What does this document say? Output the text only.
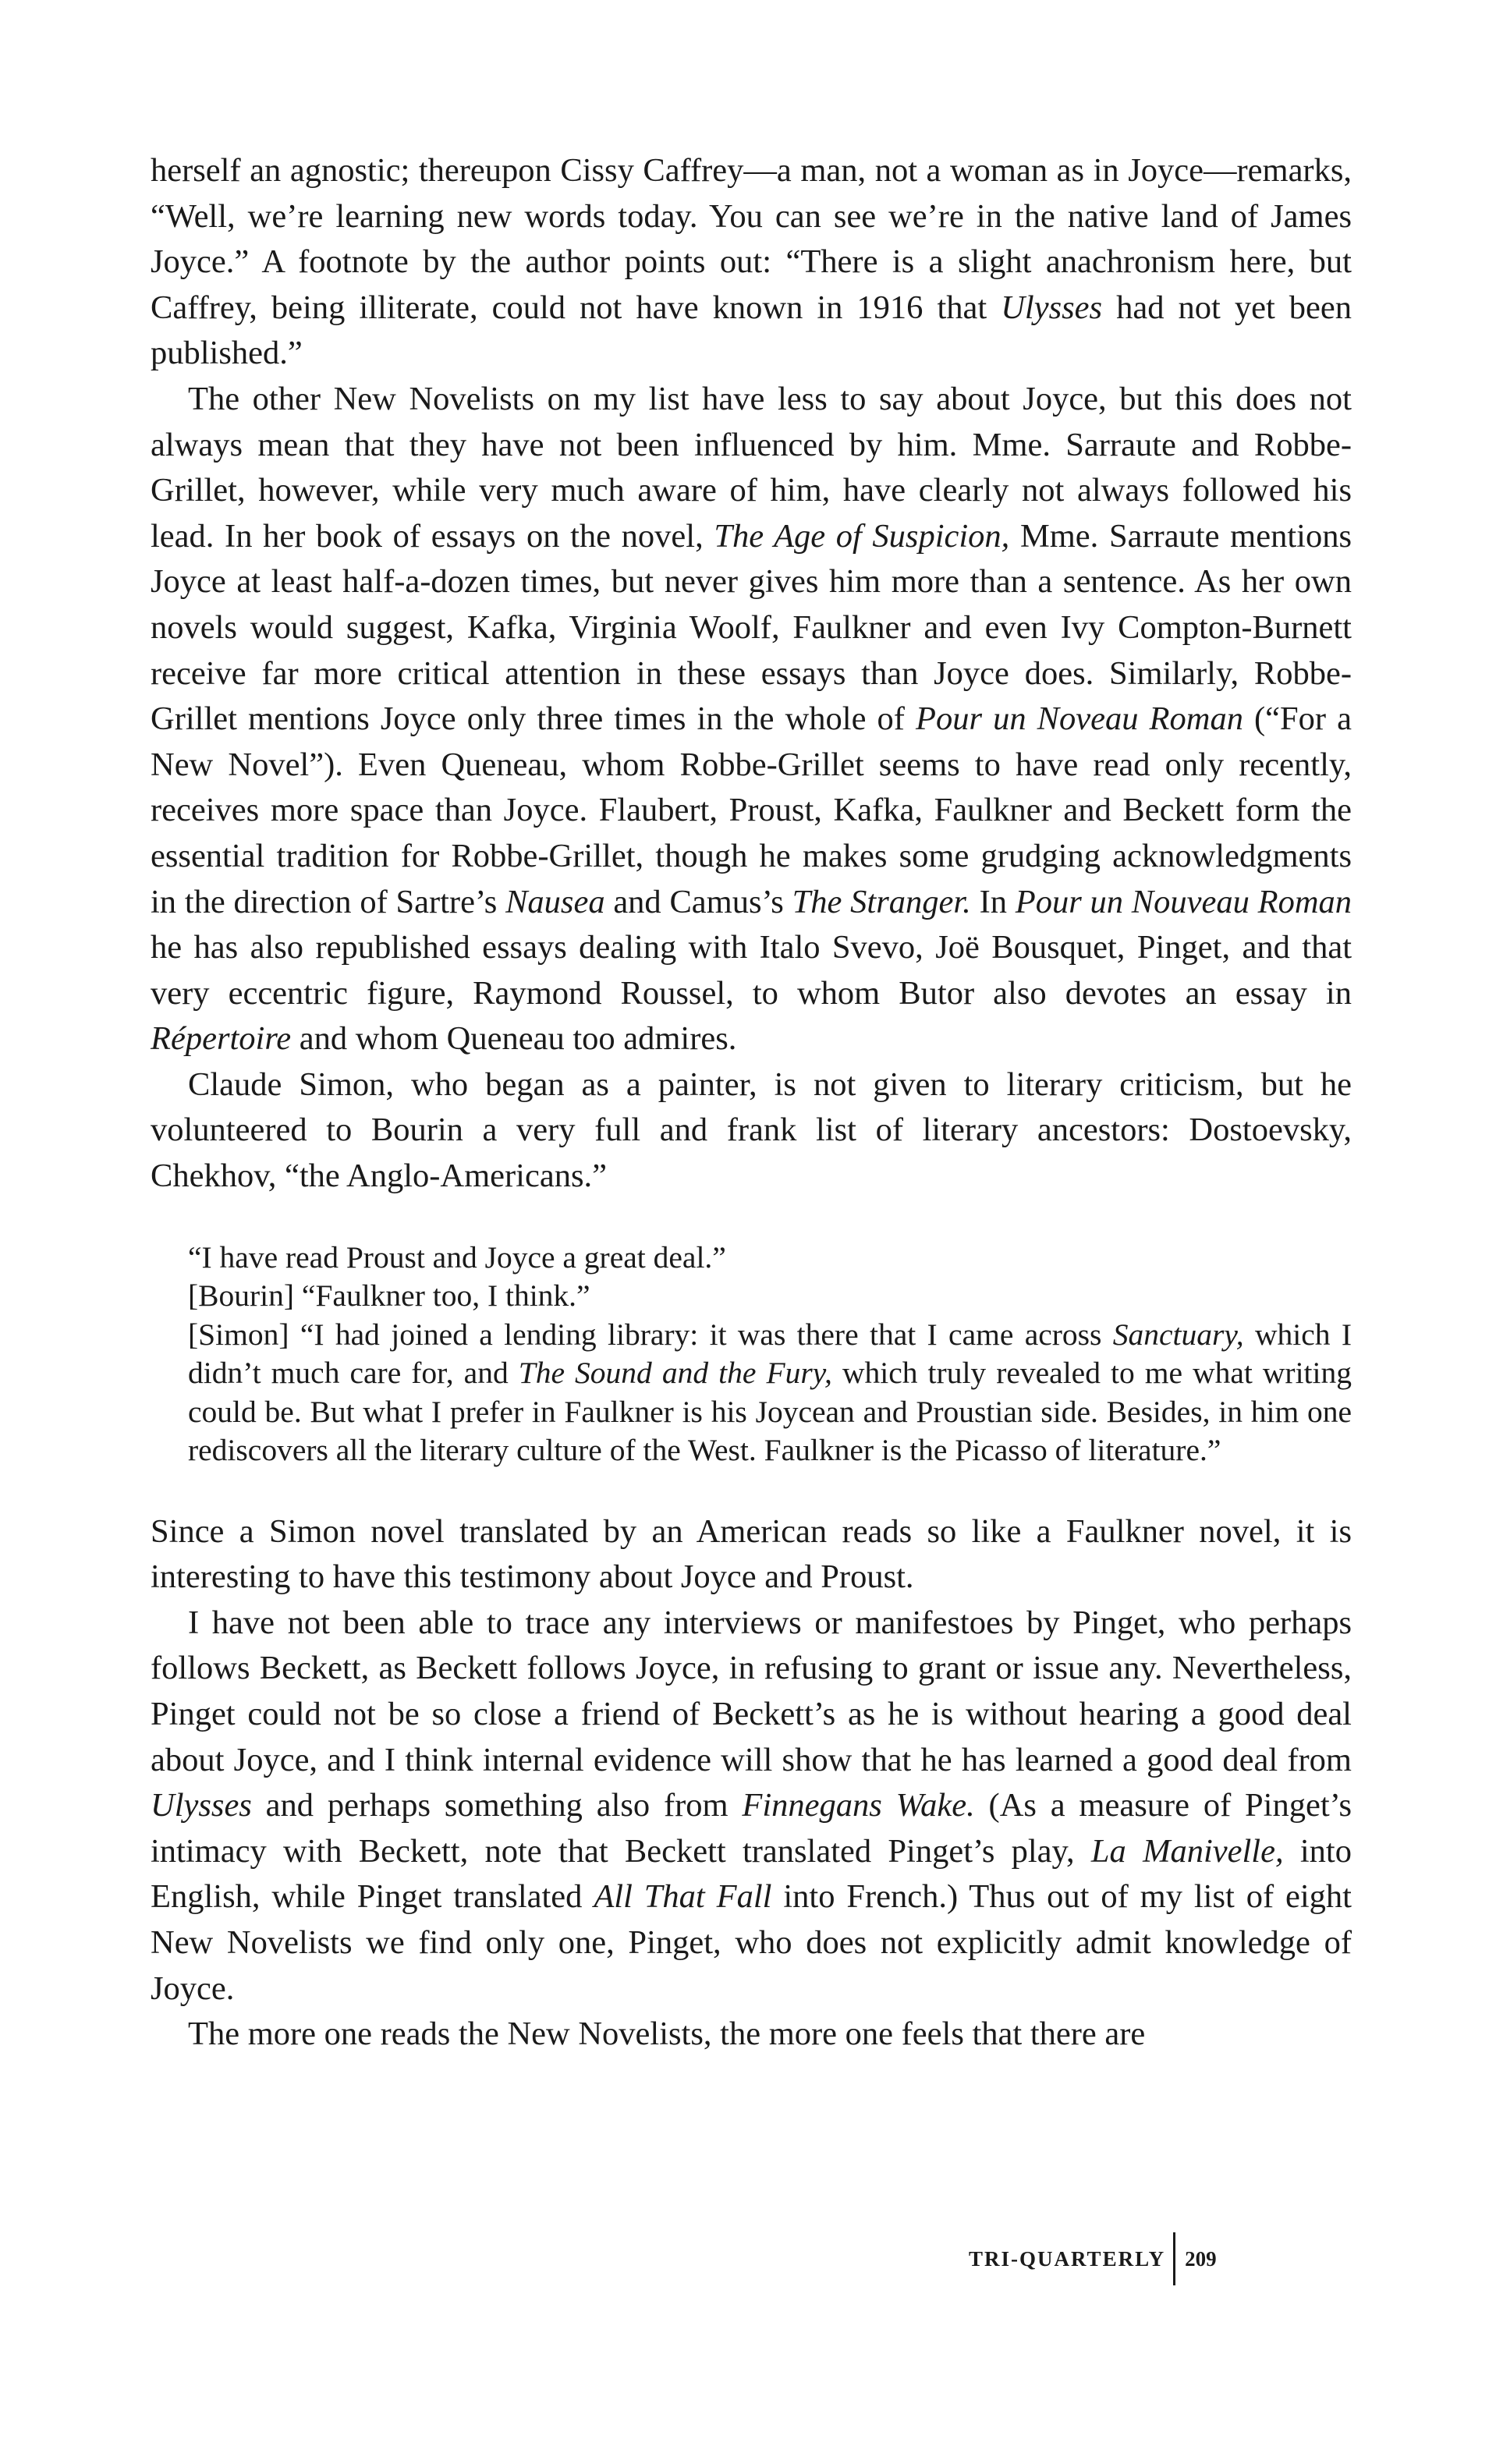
herself an agnostic; thereupon Cissy Caffrey—a man, not a woman as in Joyce—remarks, “Well, we’re learning new words today. You can see we’re in the native land of James Joyce.” A footnote by the author points out: “There is a slight anachronism here, but Caffrey, being illiterate, could not have known in 1916 that Ulysses had not yet been published.”

The other New Novelists on my list have less to say about Joyce, but this does not always mean that they have not been influenced by him. Mme. Sarraute and Robbe-Grillet, however, while very much aware of him, have clearly not always followed his lead. In her book of essays on the novel, The Age of Suspicion, Mme. Sarraute mentions Joyce at least half-a-dozen times, but never gives him more than a sentence. As her own novels would suggest, Kafka, Virginia Woolf, Faulkner and even Ivy Compton-Burnett receive far more critical attention in these essays than Joyce does. Similarly, Robbe-Grillet mentions Joyce only three times in the whole of Pour un Noveau Roman (“For a New Novel”). Even Queneau, whom Robbe-Grillet seems to have read only recently, receives more space than Joyce. Flaubert, Proust, Kafka, Faulkner and Beckett form the essential tradition for Robbe-Grillet, though he makes some grudging acknowledgments in the direction of Sartre’s Nausea and Camus’s The Stranger. In Pour un Nouveau Roman he has also republished essays dealing with Italo Svevo, Joë Bousquet, Pinget, and that very eccentric figure, Raymond Roussel, to whom Butor also devotes an essay in Répertoire and whom Queneau too admires.

Claude Simon, who began as a painter, is not given to literary criticism, but he volunteered to Bourin a very full and frank list of literary ancestors: Dostoevsky, Chekhov, “the Anglo-Americans.”

“I have read Proust and Joyce a great deal.”

[Bourin] “Faulkner too, I think.”

[Simon] “I had joined a lending library: it was there that I came across Sanctuary, which I didn’t much care for, and The Sound and the Fury, which truly revealed to me what writing could be. But what I prefer in Faulkner is his Joycean and Proustian side. Besides, in him one rediscovers all the literary culture of the West. Faulkner is the Picasso of literature.”

Since a Simon novel translated by an American reads so like a Faulkner novel, it is interesting to have this testimony about Joyce and Proust.

I have not been able to trace any interviews or manifestoes by Pinget, who perhaps follows Beckett, as Beckett follows Joyce, in refusing to grant or issue any. Nevertheless, Pinget could not be so close a friend of Beckett’s as he is without hearing a good deal about Joyce, and I think internal evidence will show that he has learned a good deal from Ulysses and perhaps something also from Finnegans Wake. (As a measure of Pinget’s intimacy with Beckett, note that Beckett translated Pinget’s play, La Manivelle, into English, while Pinget translated All That Fall into French.) Thus out of my list of eight New Novelists we find only one, Pinget, who does not explicitly admit knowledge of Joyce.

The more one reads the New Novelists, the more one feels that there are

TRI-QUARTERLY 209
